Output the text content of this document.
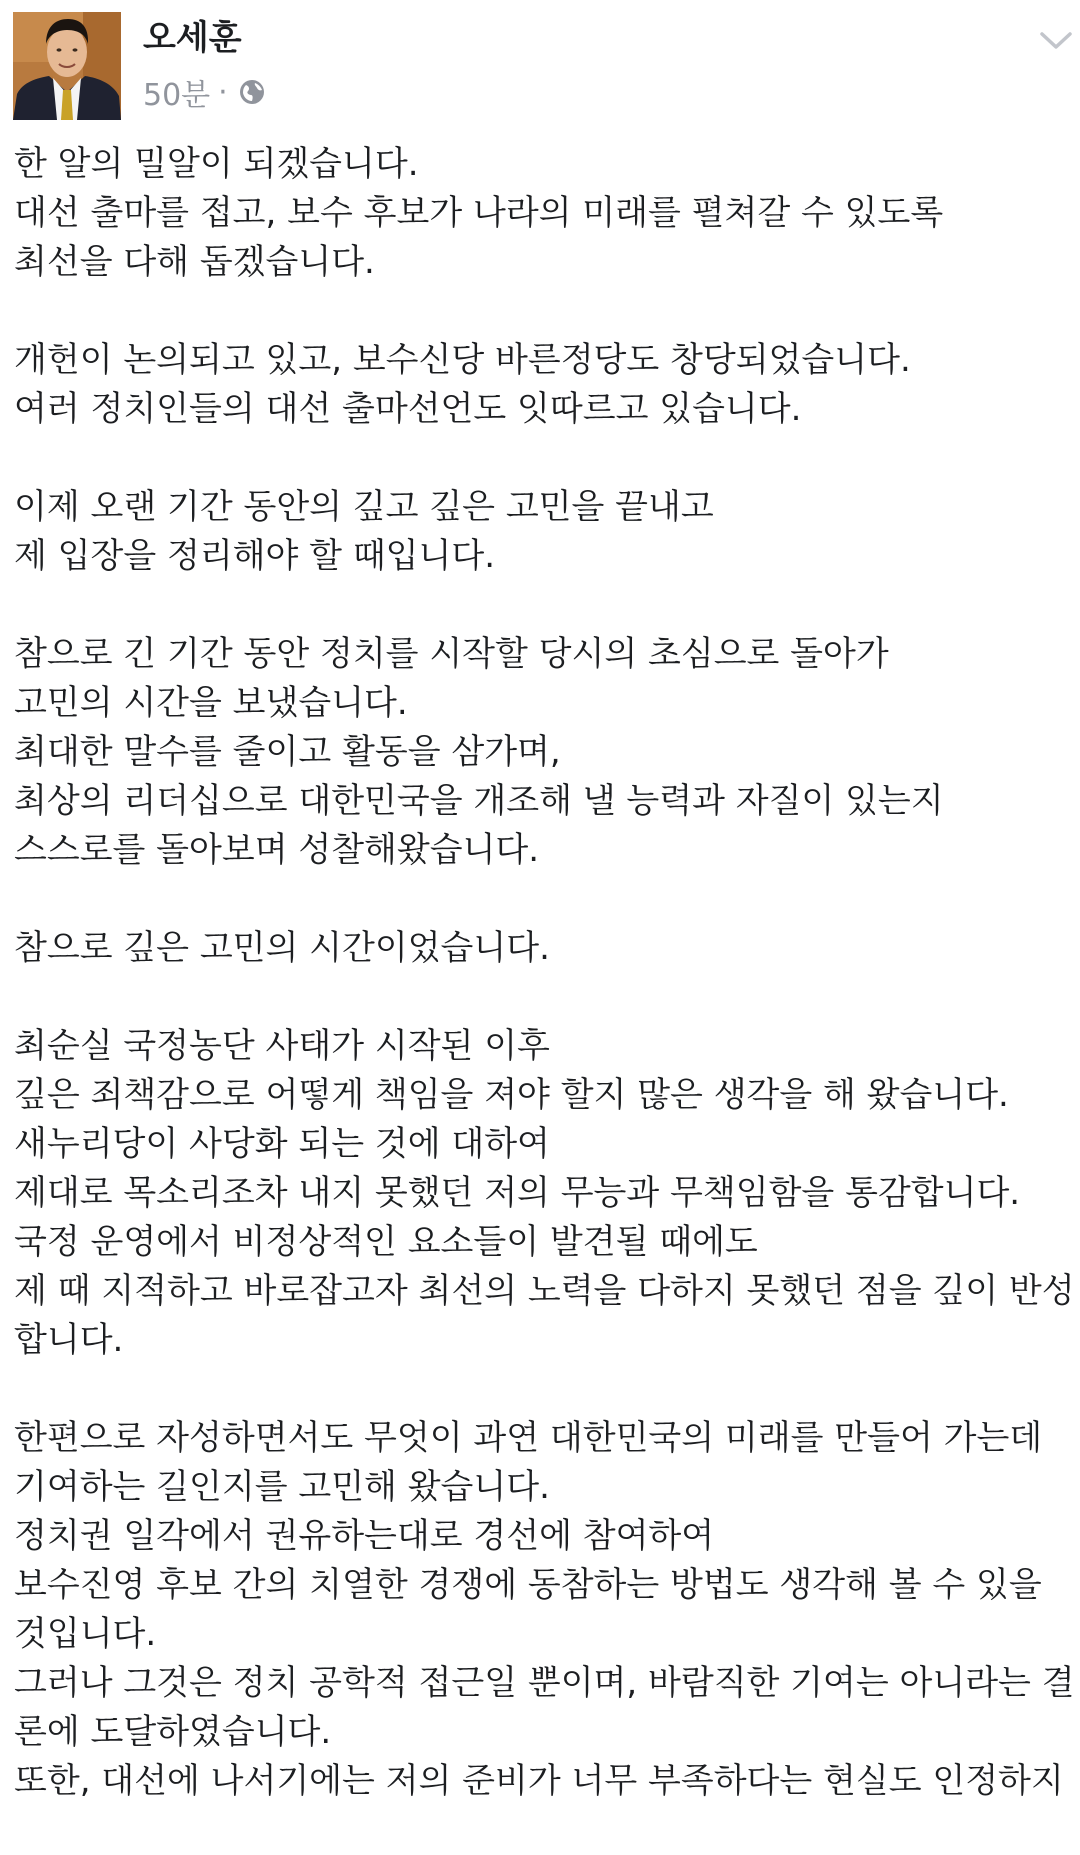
오세훈
50분 ·
한 알의 밀알이 되겠습니다.
대선 출마를 접고, 보수 후보가 나라의 미래를 펼쳐갈 수 있도록
최선을 다해 돕겠습니다.
개헌이 논의되고 있고, 보수신당 바른정당도 창당되었습니다.
여러 정치인들의 대선 출마선언도 잇따르고 있습니다.
이제 오랜 기간 동안의 깊고 깊은 고민을 끝내고
제 입장을 정리해야 할 때입니다.
참으로 긴 기간 동안 정치를 시작할 당시의 초심으로 돌아가
고민의 시간을 보냈습니다.
최대한 말수를 줄이고 활동을 삼가며,
최상의 리더십으로 대한민국을 개조해 낼 능력과 자질이 있는지
스스로를 돌아보며 성찰해왔습니다.
참으로 깊은 고민의 시간이었습니다.
최순실 국정농단 사태가 시작된 이후
깊은 죄책감으로 어떻게 책임을 져야 할지 많은 생각을 해 왔습니다.
새누리당이 사당화 되는 것에 대하여
제대로 목소리조차 내지 못했던 저의 무능과 무책임함을 통감합니다.
국정 운영에서 비정상적인 요소들이 발견될 때에도
제 때 지적하고 바로잡고자 최선의 노력을 다하지 못했던 점을 깊이 반성
합니다.
한편으로 자성하면서도 무엇이 과연 대한민국의 미래를 만들어 가는데
기여하는 길인지를 고민해 왔습니다.
정치권 일각에서 권유하는대로 경선에 참여하여
보수진영 후보 간의 치열한 경쟁에 동참하는 방법도 생각해 볼 수 있을
것입니다.
그러나 그것은 정치 공학적 접근일 뿐이며, 바람직한 기여는 아니라는 결
론에 도달하였습니다.
또한, 대선에 나서기에는 저의 준비가 너무 부족하다는 현실도 인정하지
